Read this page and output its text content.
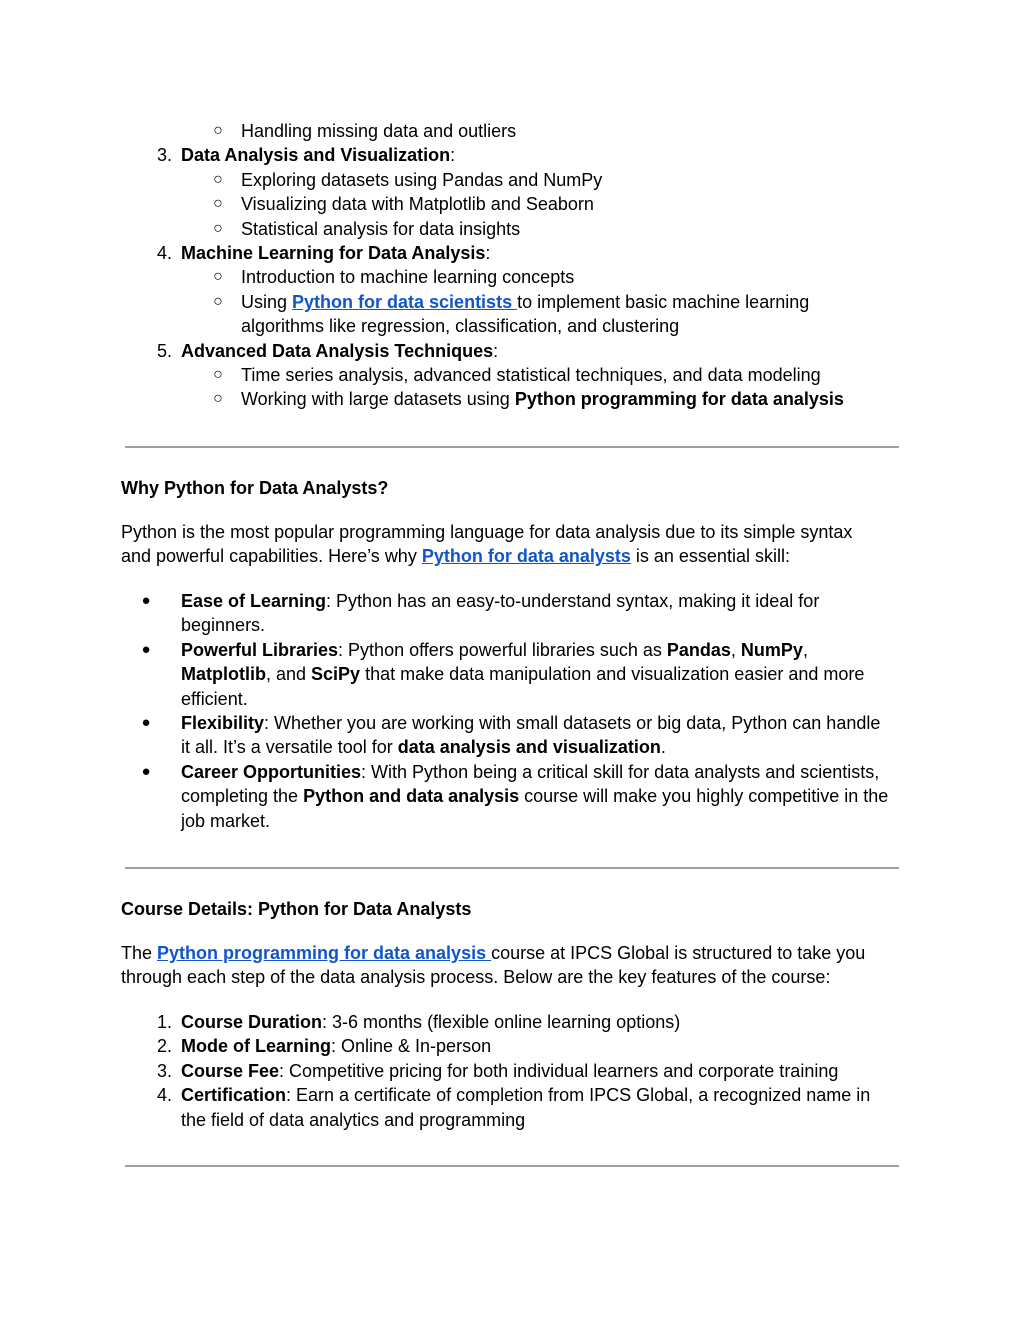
○ Handling missing data and outliers
3. Data Analysis and Visualization:
○ Exploring datasets using Pandas and NumPy
○ Visualizing data with Matplotlib and Seaborn
○ Statistical analysis for data insights
4. Machine Learning for Data Analysis:
○ Introduction to machine learning concepts
○ Using Python for data scientists to implement basic machine learning
algorithms like regression, classification, and clustering
5. Advanced Data Analysis Techniques:
○ Time series analysis, advanced statistical techniques, and data modeling
○ Working with large datasets using Python programming for data analysis
Why Python for Data Analysts?
Python is the most popular programming language for data analysis due to its simple syntax
and powerful capabilities. Here’s why Python for data analysts is an essential skill:
●	Ease of Learning: Python has an easy-to-understand syntax, making it ideal for
beginners.
●	Powerful Libraries: Python offers powerful libraries such as Pandas, NumPy,
Matplotlib, and SciPy that make data manipulation and visualization easier and more
efficient.
●	Flexibility: Whether you are working with small datasets or big data, Python can handle
it all. It’s a versatile tool for data analysis and visualization.
●	Career Opportunities: With Python being a critical skill for data analysts and scientists,
completing the Python and data analysis course will make you highly competitive in the
job market.
Course Details: Python for Data Analysts
The Python programming for data analysis course at IPCS Global is structured to take you
through each step of the data analysis process. Below are the key features of the course:
1. Course Duration: 3-6 months (flexible online learning options)
2. Mode of Learning: Online & In-person
3. Course Fee: Competitive pricing for both individual learners and corporate training
4. Certification: Earn a certificate of completion from IPCS Global, a recognized name in
the field of data analytics and programming
